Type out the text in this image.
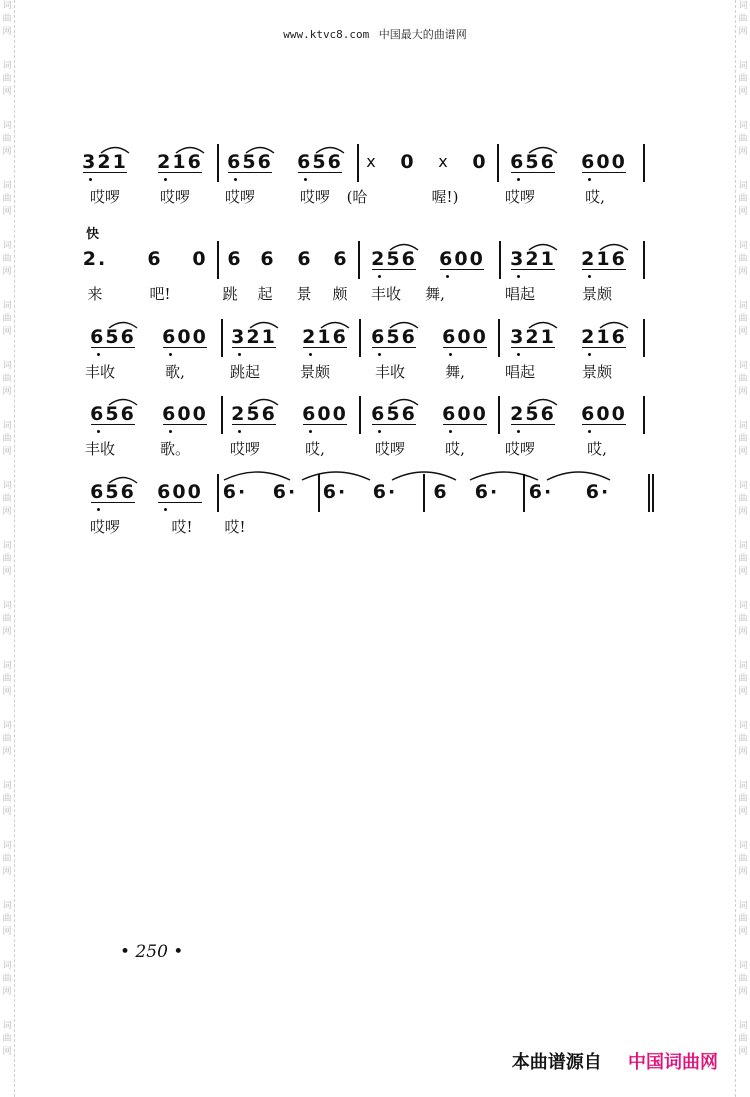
词
曲
网
词
曲
网
词
曲
网
词
曲
网
词
曲
网
词
曲
网
词
曲
网
词
曲
网
词
曲
网
词
曲
网
词
曲
网
词
曲
网
词
曲
网
词
曲
网
词
曲
网
词
曲
网
词
曲
网
词
曲
网
词
曲
网
词
曲
网
词
曲
网
词
曲
网
词
曲
网
词
曲
网
词
曲
网
词
曲
网
词
曲
网
词
曲
网
词
曲
网
词
曲
网
词
曲
网
词
曲
网
词
曲
网
词
曲
网
词
曲
网
词
曲
网
www.ktvc8.com 中国最大的曲谱网
321 216 656 656 x 0 x 0 656 600
哎啰	哎啰 哎啰	哎啰 (哈	喔!)	哎啰	哎,
快
2. 6 0 6 6 6 6 256 600 321 216
来	吧!	跳 起 景 颇 丰收 舞,	唱起	景颇
656 600 321 216 656 600 321 216
丰收	歌,	跳起	景颇	丰收	舞,	唱起	景颇
656 600 256 600 656 600 256 600
丰收	歌。	哎啰	哎,	哎啰	哎,	哎啰	哎,
656 600 6· 6· 6· 6· 6 6· 6· 6·
哎啰	哎! 哎!
• 250 •
本曲谱源自 中国词曲网
